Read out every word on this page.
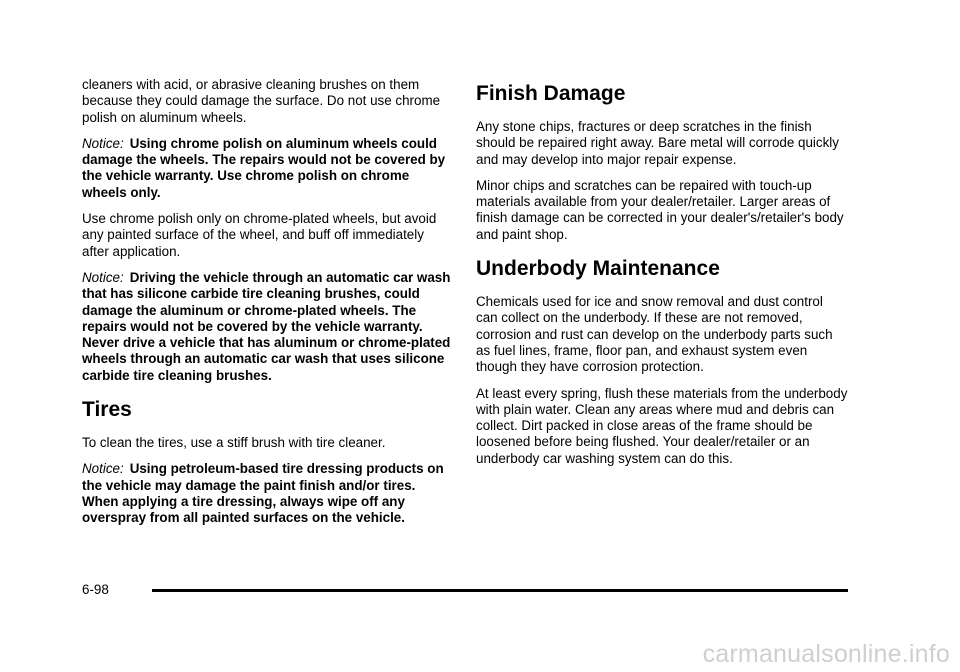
cleaners with acid, or abrasive cleaning brushes on them because they could damage the surface. Do not use chrome polish on aluminum wheels.

Notice: Using chrome polish on aluminum wheels could damage the wheels. The repairs would not be covered by the vehicle warranty. Use chrome polish on chrome wheels only.

Use chrome polish only on chrome-plated wheels, but avoid any painted surface of the wheel, and buff off immediately after application.

Notice: Driving the vehicle through an automatic car wash that has silicone carbide tire cleaning brushes, could damage the aluminum or chrome-plated wheels. The repairs would not be covered by the vehicle warranty. Never drive a vehicle that has aluminum or chrome-plated wheels through an automatic car wash that uses silicone carbide tire cleaning brushes.

Tires

To clean the tires, use a stiff brush with tire cleaner.

Notice: Using petroleum-based tire dressing products on the vehicle may damage the paint finish and/or tires. When applying a tire dressing, always wipe off any overspray from all painted surfaces on the vehicle.

Finish Damage

Any stone chips, fractures or deep scratches in the finish should be repaired right away. Bare metal will corrode quickly and may develop into major repair expense.

Minor chips and scratches can be repaired with touch-up materials available from your dealer/retailer. Larger areas of finish damage can be corrected in your dealer's/retailer's body and paint shop.

Underbody Maintenance

Chemicals used for ice and snow removal and dust control can collect on the underbody. If these are not removed, corrosion and rust can develop on the underbody parts such as fuel lines, frame, floor pan, and exhaust system even though they have corrosion protection.

At least every spring, flush these materials from the underbody with plain water. Clean any areas where mud and debris can collect. Dirt packed in close areas of the frame should be loosened before being flushed. Your dealer/retailer or an underbody car washing system can do this.

6-98
carmanualsonline.info
